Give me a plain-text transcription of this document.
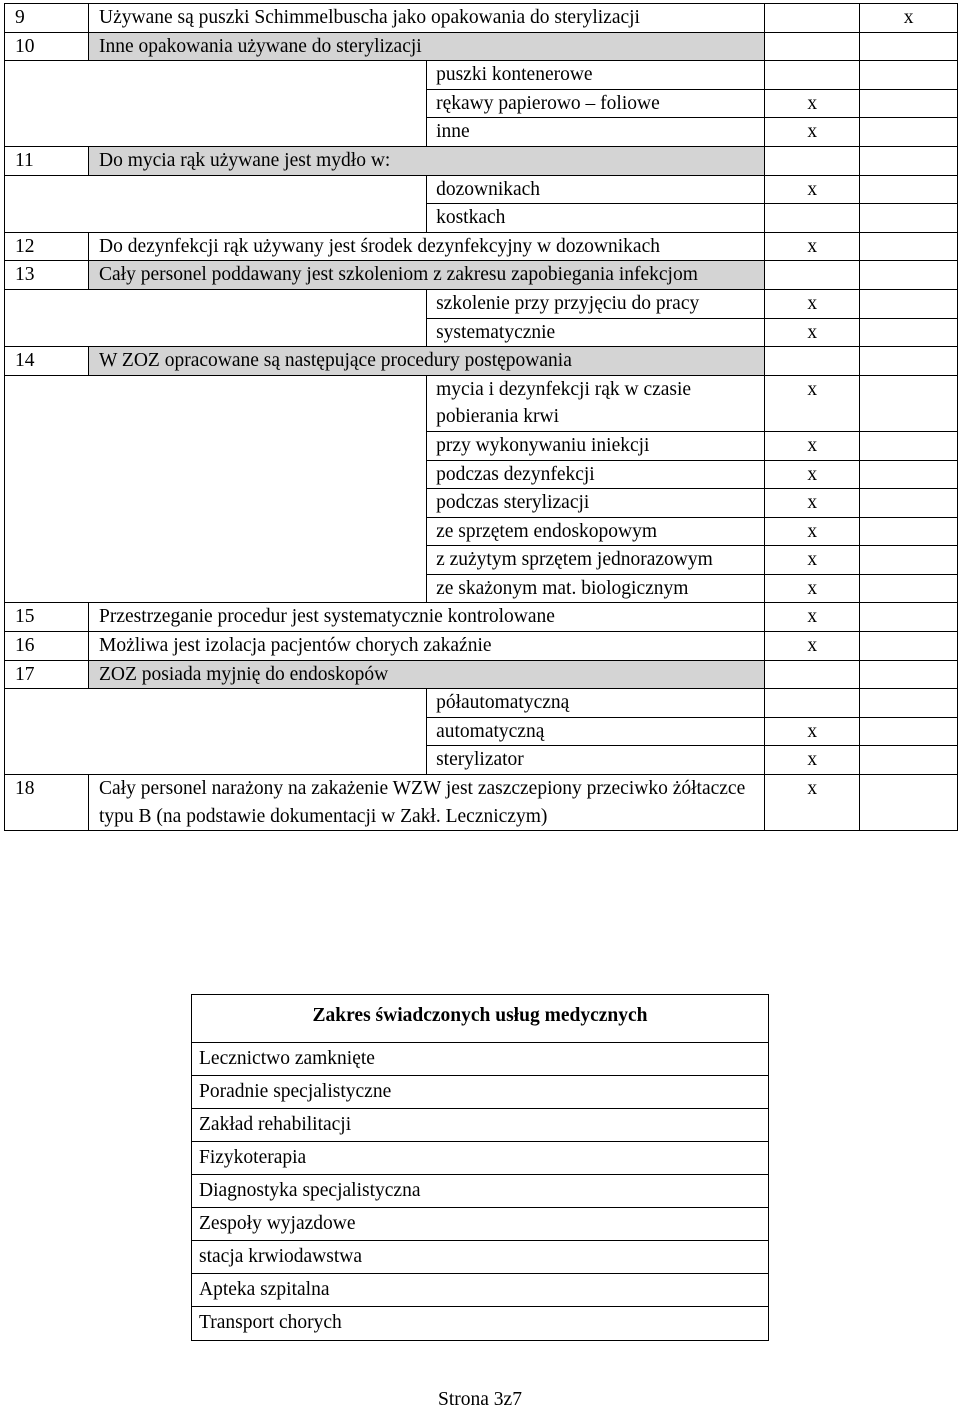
9	Używane są puszki Schimmelbuscha jako opakowania do sterylizacji			x
10	Inne opakowania używane do sterylizacji			
		puszki kontenerowe		
		rękawy papierowo – foliowe	x	
		inne	x	
11	Do mycia rąk używane jest mydło w:			
		dozownikach	x	
		kostkach		
12	Do dezynfekcji rąk używany jest środek dezynfekcyjny w dozownikach		x	
13	Cały personel poddawany jest szkoleniom z zakresu zapobiegania infekcjom			
		szkolenie przy przyjęciu do pracy	x	
		systematycznie	x	
14	W ZOZ opracowane są następujące procedury postępowania			
		mycia i dezynfekcji rąk w czasie pobierania krwi	x	
		przy wykonywaniu iniekcji	x	
		podczas dezynfekcji	x	
		podczas sterylizacji	x	
		ze sprzętem endoskopowym	x	
		z zużytym sprzętem jednorazowym	x	
		ze skażonym mat. biologicznym	x	
15	Przestrzeganie procedur jest systematycznie kontrolowane		x	
16	Możliwa jest izolacja pacjentów chorych zakaźnie		x	
17	ZOZ posiada myjnię do endoskopów			
		półautomatyczną		
		automatyczną	x	
		sterylizator	x	
18	Cały personel narażony na zakażenie WZW jest zaszczepiony przeciwko żółtaczce typu B (na podstawie dokumentacji w Zakł. Leczniczym)		x	
Zakres świadczonych usług medycznych
Lecznictwo zamknięte
Poradnie specjalistyczne
Zakład rehabilitacji
Fizykoterapia
Diagnostyka specjalistyczna
Zespoły wyjazdowe
stacja krwiodawstwa
Apteka szpitalna
Transport chorych
Strona 3z7
